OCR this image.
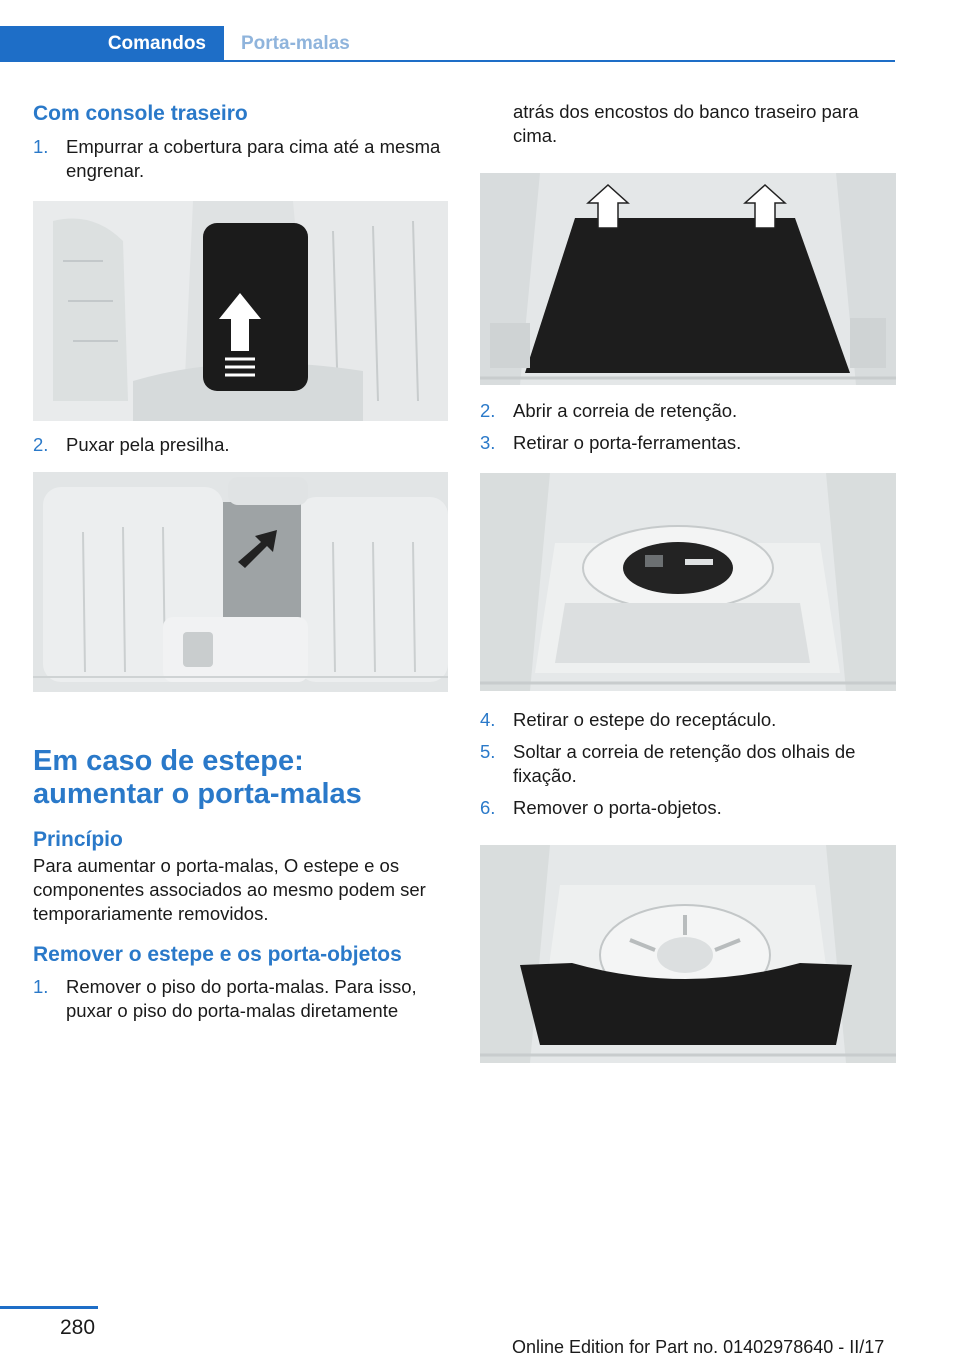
Comandos	Porta-malas
Com console traseiro
1. Empurrar a cobertura para cima até a mesma engrenar.
2. Puxar pela presilha.
Em caso de estepe:
aumentar o porta-malas
Princípio
Para aumentar o porta-malas, O estepe e os componentes associados ao mesmo podem ser temporariamente removidos.
Remover o estepe e os porta-objetos
1. Remover o piso do porta-malas. Para isso, puxar o piso do porta-malas diretamente
atrás dos encostos do banco traseiro para cima.
2. Abrir a correia de retenção.
3. Retirar o porta-ferramentas.
4. Retirar o estepe do receptáculo.
5. Soltar a correia de retenção dos olhais de fixação.
6. Remover o porta-objetos.
280
Online Edition for Part no. 01402978640 - II/17
